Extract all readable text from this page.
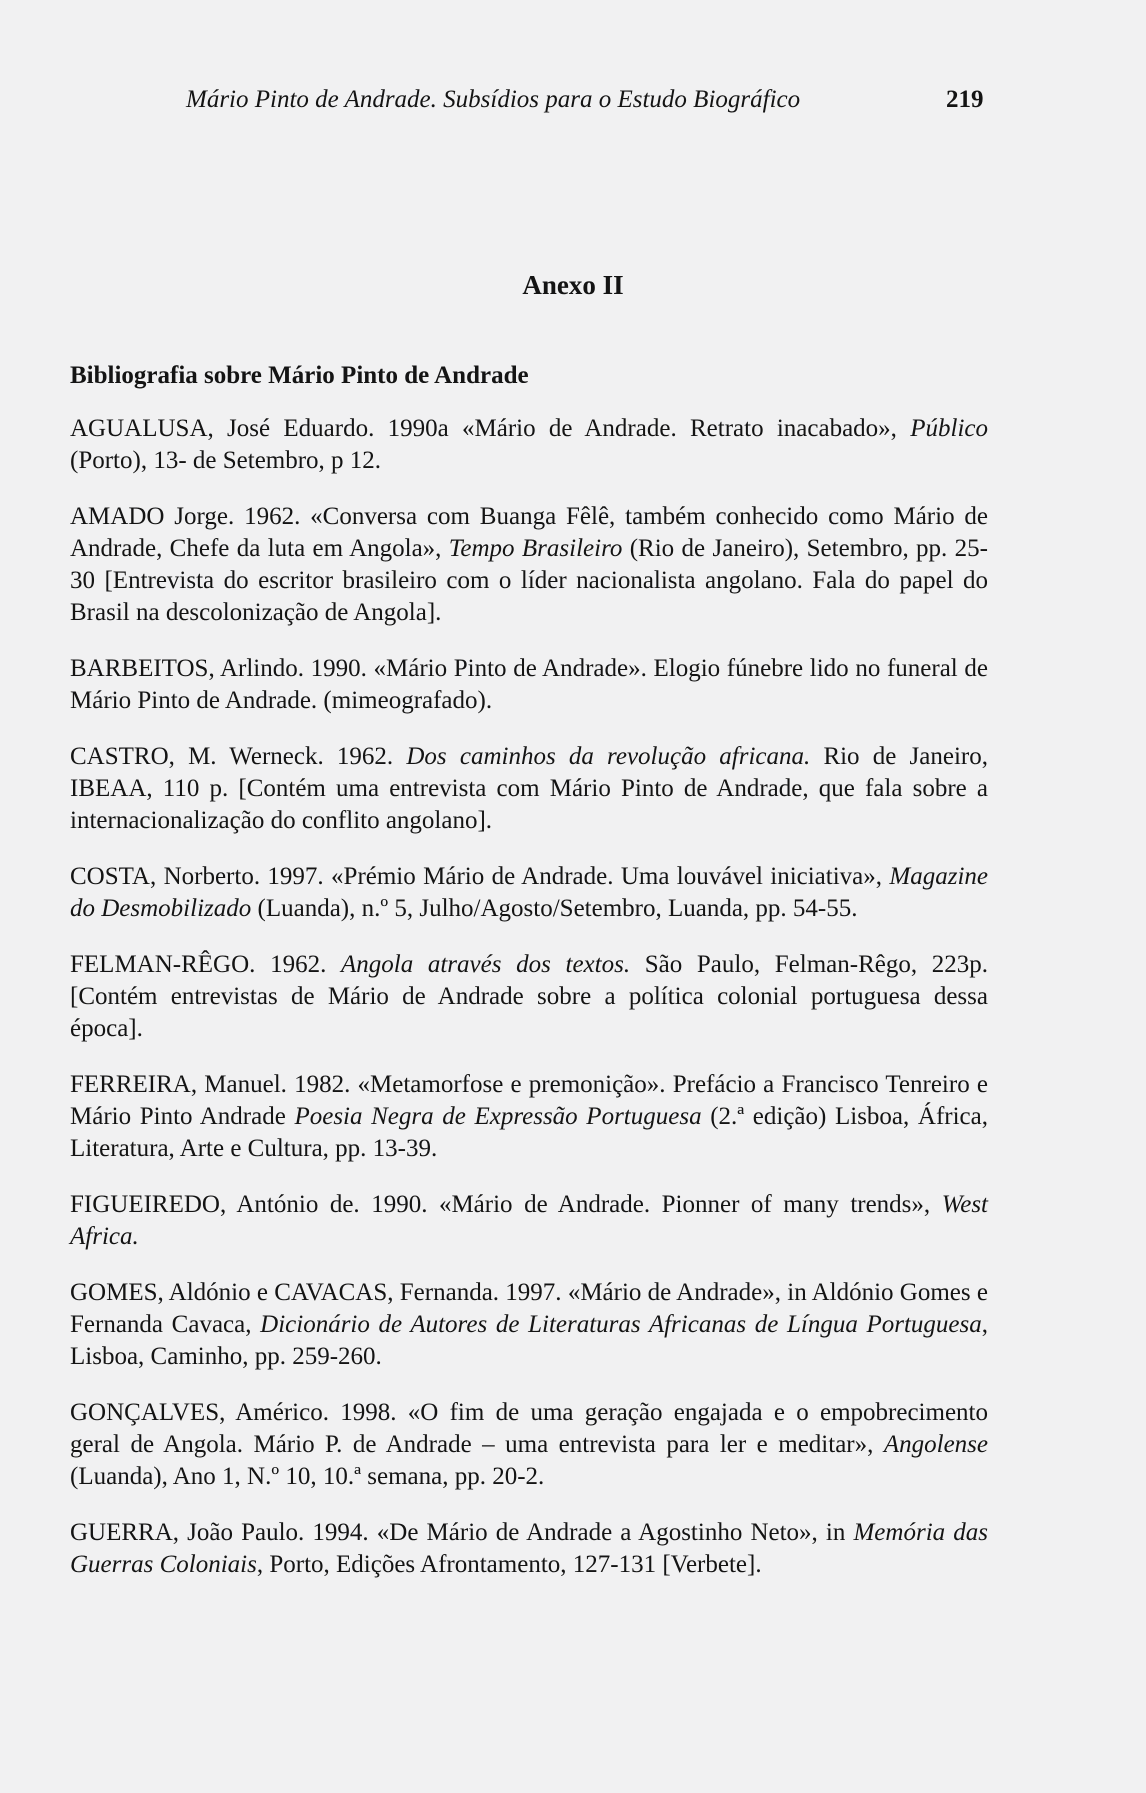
Mário Pinto de Andrade. Subsídios para o Estudo Biográfico	219
Anexo II
Bibliografia sobre Mário Pinto de Andrade

AGUALUSA, José Eduardo. 1990a «Mário de Andrade. Retrato inacabado», Público (Porto), 13- de Setembro, p 12.

AMADO Jorge. 1962. «Conversa com Buanga Fêlê, também conhecido como Mário de Andrade, Chefe da luta em Angola», Tempo Brasileiro (Rio de Janeiro), Setembro, pp. 25-30 [Entrevista do escritor brasileiro com o líder nacionalista angolano. Fala do papel do Brasil na descolonização de Angola].

BARBEITOS, Arlindo. 1990. «Mário Pinto de Andrade». Elogio fúnebre lido no funeral de Mário Pinto de Andrade. (mimeografado).

CASTRO, M. Werneck. 1962. Dos caminhos da revolução africana. Rio de Janeiro, IBEAA, 110 p. [Contém uma entrevista com Mário Pinto de Andrade, que fala sobre a internacionalização do conflito angolano].

COSTA, Norberto. 1997. «Prémio Mário de Andrade. Uma louvável iniciativa», Magazine do Desmobilizado (Luanda), n.º 5, Julho/Agosto/Setembro, Luanda, pp. 54-55.

FELMAN-RÊGO. 1962. Angola através dos textos. São Paulo, Felman-Rêgo, 223p. [Contém entrevistas de Mário de Andrade sobre a política colonial portuguesa dessa época].

FERREIRA, Manuel. 1982. «Metamorfose e premonição». Prefácio a Francisco Tenreiro e Mário Pinto Andrade Poesia Negra de Expressão Portuguesa (2.ª edição) Lisboa, África, Literatura, Arte e Cultura, pp. 13-39.

FIGUEIREDO, António de. 1990. «Mário de Andrade. Pionner of many trends», West Africa.

GOMES, Aldónio e CAVACAS, Fernanda. 1997. «Mário de Andrade», in Aldónio Gomes e Fernanda Cavaca, Dicionário de Autores de Literaturas Africanas de Língua Portuguesa, Lisboa, Caminho, pp. 259-260.

GONÇALVES, Américo. 1998. «O fim de uma geração engajada e o empobrecimento geral de Angola. Mário P. de Andrade – uma entrevista para ler e meditar», Angolense (Luanda), Ano 1, N.º 10, 10.ª semana, pp. 20-2.

GUERRA, João Paulo. 1994. «De Mário de Andrade a Agostinho Neto», in Memória das Guerras Coloniais, Porto, Edições Afrontamento, 127-131 [Verbete].
